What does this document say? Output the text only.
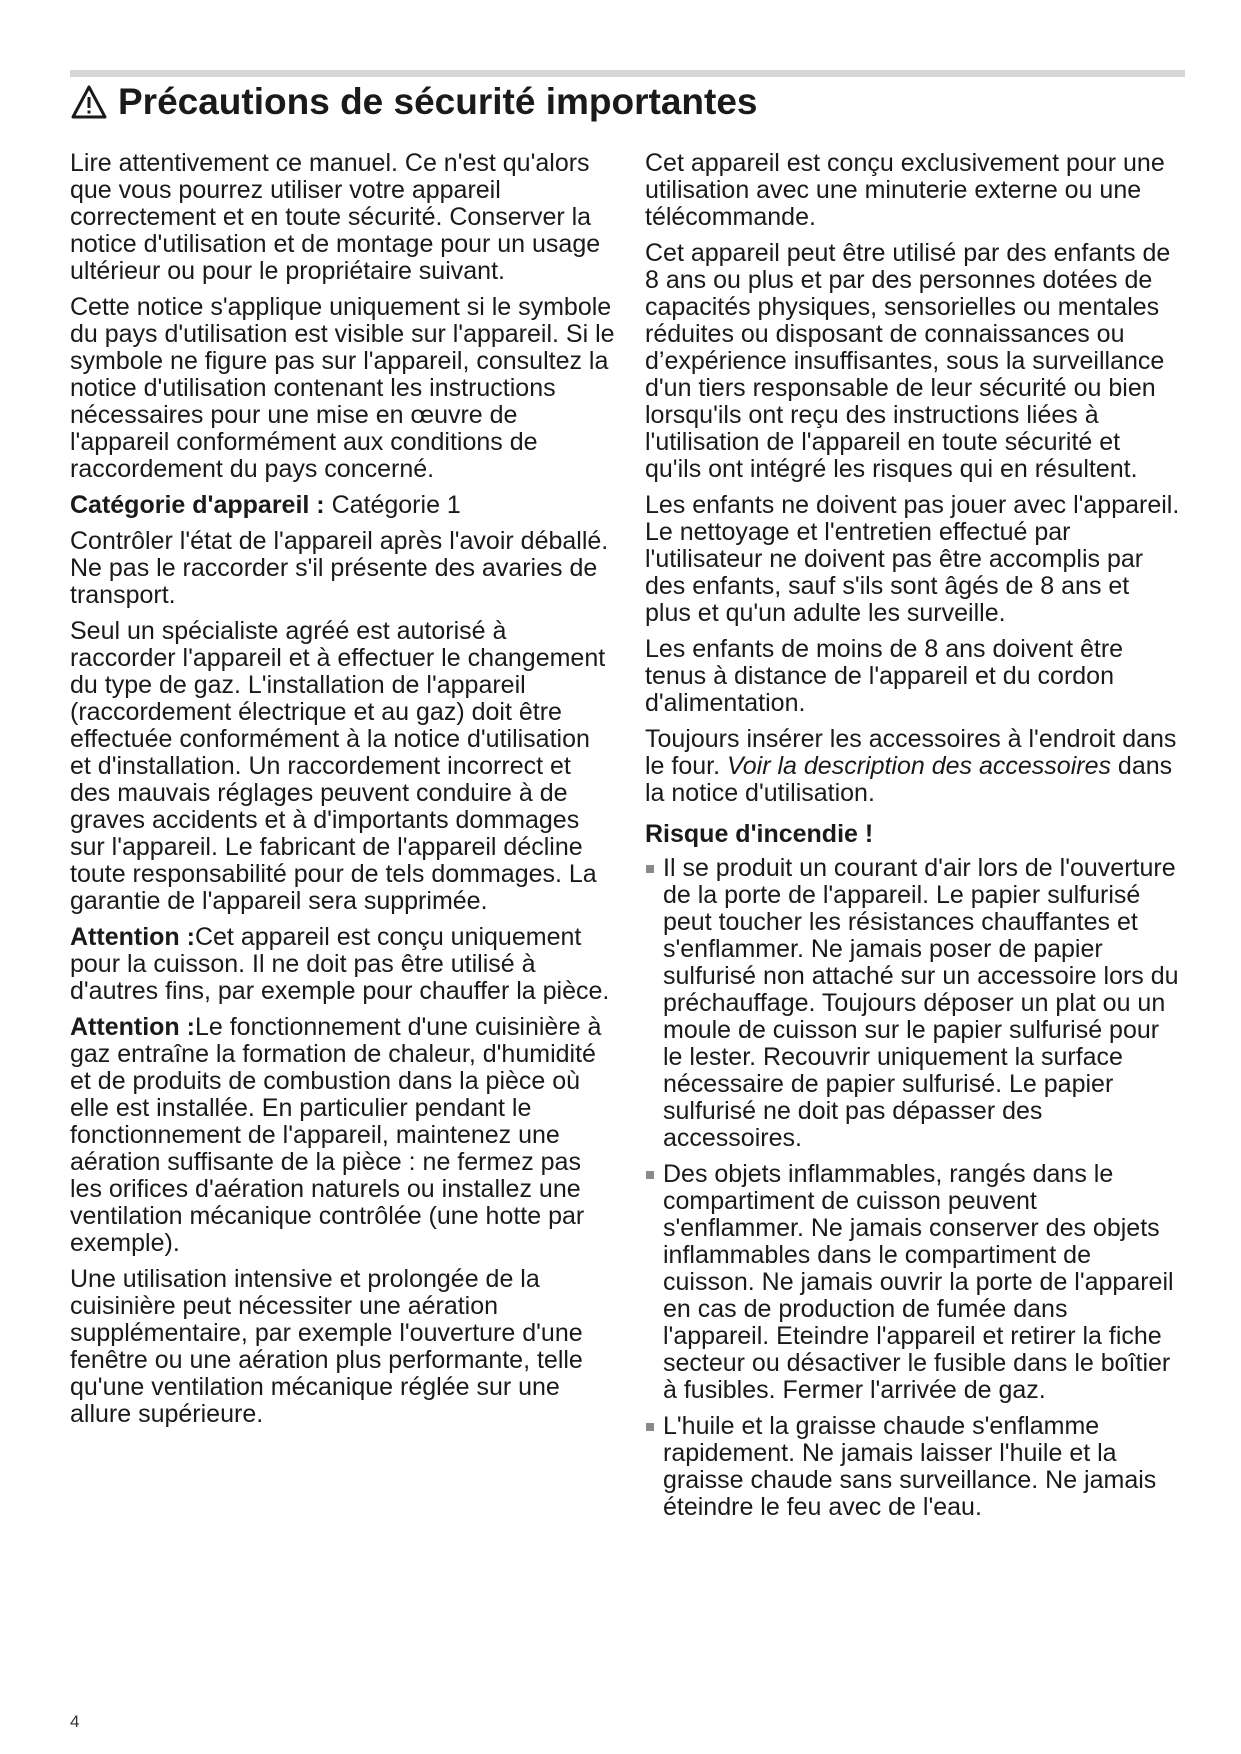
Précautions de sécurité importantes

Lire attentivement ce manuel. Ce n'est qu'alors que vous pourrez utiliser votre appareil correctement et en toute sécurité. Conserver la notice d'utilisation et de montage pour un usage ultérieur ou pour le propriétaire suivant.

Cette notice s'applique uniquement si le symbole du pays d'utilisation est visible sur l'appareil. Si le symbole ne figure pas sur l'appareil, consultez la notice d'utilisation contenant les instructions nécessaires pour une mise en œuvre de l'appareil conformément aux conditions de raccordement du pays concerné.

Catégorie d'appareil : Catégorie 1

Contrôler l'état de l'appareil après l'avoir déballé. Ne pas le raccorder s'il présente des avaries de transport.

Seul un spécialiste agréé est autorisé à raccorder l'appareil et à effectuer le changement du type de gaz. L'installation de l'appareil (raccordement électrique et au gaz) doit être effectuée conformément à la notice d'utilisation et d'installation. Un raccordement incorrect et des mauvais réglages peuvent conduire à de graves accidents et à d'importants dommages sur l'appareil. Le fabricant de l'appareil décline toute responsabilité pour de tels dommages. La garantie de l'appareil sera supprimée.

Attention :Cet appareil est conçu uniquement pour la cuisson. Il ne doit pas être utilisé à d'autres fins, par exemple pour chauffer la pièce.

Attention :Le fonctionnement d'une cuisinière à gaz entraîne la formation de chaleur, d'humidité et de produits de combustion dans la pièce où elle est installée. En particulier pendant le fonctionnement de l'appareil, maintenez une aération suffisante de la pièce : ne fermez pas les orifices d'aération naturels ou installez une ventilation mécanique contrôlée (une hotte par exemple).

Une utilisation intensive et prolongée de la cuisinière peut nécessiter une aération supplémentaire, par exemple l'ouverture d'une fenêtre ou une aération plus performante, telle qu'une ventilation mécanique réglée sur une allure supérieure.

Cet appareil est conçu exclusivement pour une utilisation avec une minuterie externe ou une télécommande.

Cet appareil peut être utilisé par des enfants de 8 ans ou plus et par des personnes dotées de capacités physiques, sensorielles ou mentales réduites ou disposant de connaissances ou d’expérience insuffisantes, sous la surveillance d'un tiers responsable de leur sécurité ou bien lorsqu'ils ont reçu des instructions liées à l'utilisation de l'appareil en toute sécurité et qu'ils ont intégré les risques qui en résultent.

Les enfants ne doivent pas jouer avec l'appareil. Le nettoyage et l'entretien effectué par l'utilisateur ne doivent pas être accomplis par des enfants, sauf s'ils sont âgés de 8 ans et plus et qu'un adulte les surveille.

Les enfants de moins de 8 ans doivent être tenus à distance de l'appareil et du cordon d'alimentation.

Toujours insérer les accessoires à l'endroit dans le four. Voir la description des accessoires dans la notice d'utilisation.

Risque d'incendie !
Il se produit un courant d'air lors de l'ouverture de la porte de l'appareil. Le papier sulfurisé peut toucher les résistances chauffantes et s'enflammer. Ne jamais poser de papier sulfurisé non attaché sur un accessoire lors du préchauffage. Toujours déposer un plat ou un moule de cuisson sur le papier sulfurisé pour le lester. Recouvrir uniquement la surface nécessaire de papier sulfurisé. Le papier sulfurisé ne doit pas dépasser des accessoires.
Des objets inflammables, rangés dans le compartiment de cuisson peuvent s'enflammer. Ne jamais conserver des objets inflammables dans le compartiment de cuisson. Ne jamais ouvrir la porte de l'appareil en cas de production de fumée dans l'appareil. Eteindre l'appareil et retirer la fiche secteur ou désactiver le fusible dans le boîtier à fusibles. Fermer l'arrivée de gaz.
L'huile et la graisse chaude s'enflamme rapidement. Ne jamais laisser l'huile et la graisse chaude sans surveillance. Ne jamais éteindre le feu avec de l'eau.
4
